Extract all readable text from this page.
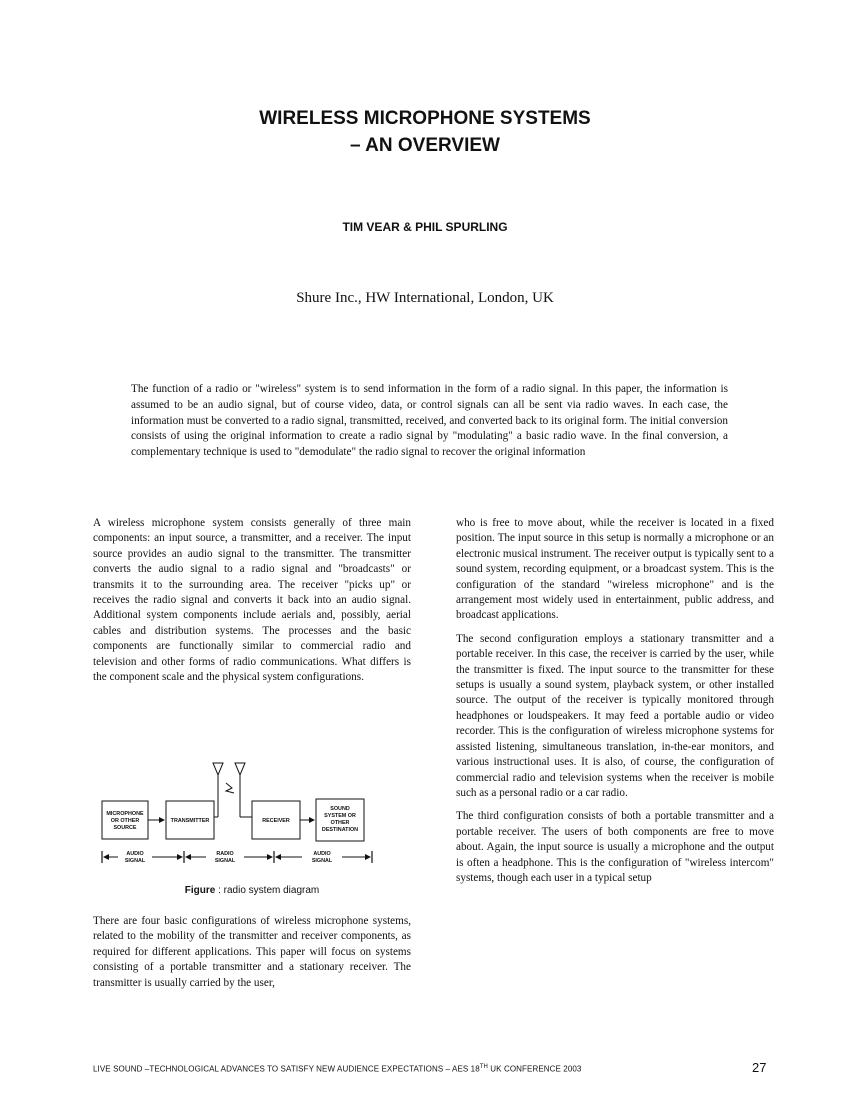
WIRELESS MICROPHONE SYSTEMS
– AN OVERVIEW
TIM VEAR & PHIL SPURLING
Shure Inc., HW International, London, UK
The function of a radio or "wireless" system is to send information in the form of a radio signal. In this paper, the information is assumed to be an audio signal, but of course video, data, or control signals can all be sent via radio waves. In each case, the information must be converted to a radio signal, transmitted, received, and converted back to its original form. The initial conversion consists of using the original information to create a radio signal by "modulating" a basic radio wave. In the final conversion, a complementary technique is used to "demodulate" the radio signal to recover the original information

A wireless microphone system consists generally of three main components: an input source, a transmitter, and a receiver. The input source provides an audio signal to the transmitter. The transmitter converts the audio signal to a radio signal and "broadcasts" or transmits it to the surrounding area. The receiver "picks up" or receives the radio signal and converts it back into an audio signal. Additional system components include aerials and, possibly, aerial cables and distribution systems. The processes and the basic components are functionally similar to commercial radio and television and other forms of radio communications. What differs is the component scale and the physical system configurations.

MICROPHONE
OR OTHER
SOURCE
TRANSMITTER	RECEIVER
SOUND
SYSTEM OR
OTHER
DESTINATION
AUDIO
SIGNAL
RADIO
SIGNAL
AUDIO
SIGNAL
Figure : radio system diagram

There are four basic configurations of wireless microphone systems, related to the mobility of the transmitter and receiver components, as required for different applications. This paper will focus on systems consisting of a portable transmitter and a stationary receiver. The transmitter is usually carried by the user,

who is free to move about, while the receiver is located in a fixed position. The input source in this setup is normally a microphone or an electronic musical instrument. The receiver output is typically sent to a sound system, recording equipment, or a broadcast system. This is the configuration of the standard "wireless microphone" and is the arrangement most widely used in entertainment, public address, and broadcast applications.

The second configuration employs a stationary transmitter and a portable receiver. In this case, the receiver is carried by the user, while the transmitter is fixed. The input source to the transmitter for these setups is usually a sound system, playback system, or other installed source. The output of the receiver is typically monitored through headphones or loudspeakers. It may feed a portable audio or video recorder. This is the configuration of wireless microphone systems for assisted listening, simultaneous translation, in-the-ear monitors, and various instructional uses. It is also, of course, the configuration of commercial radio and television systems when the receiver is mobile such as a personal radio or a car radio.

The third configuration consists of both a portable transmitter and a portable receiver. The users of both components are free to move about. Again, the input source is usually a microphone and the output is often a headphone. This is the configuration of "wireless intercom" systems, though each user in a typical setup

LIVE SOUND –TECHNOLOGICAL ADVANCES TO SATISFY NEW AUDIENCE EXPECTATIONS – AES 18TH UK CONFERENCE 2003	27
